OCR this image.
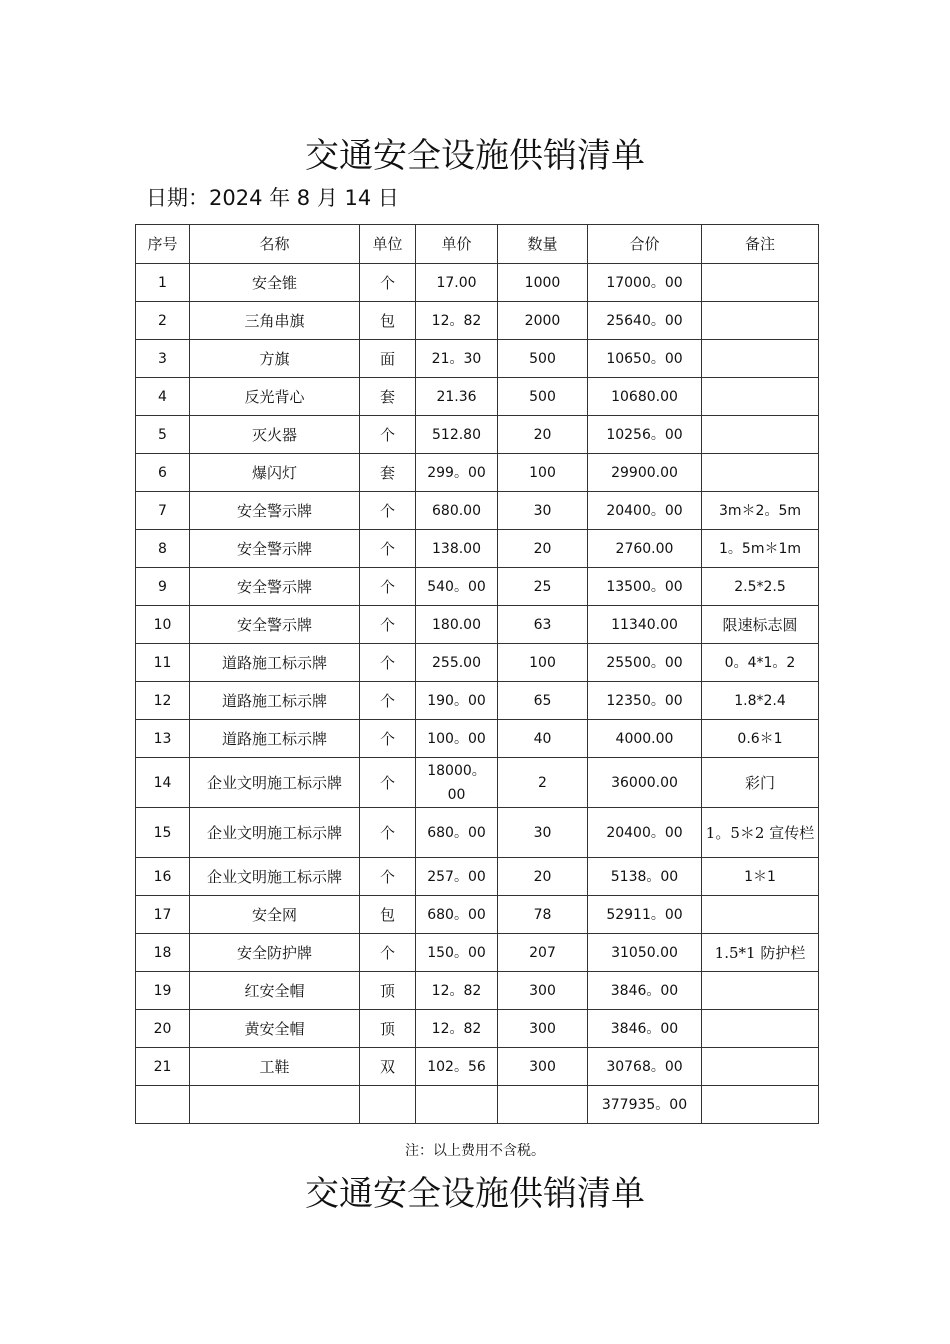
交通安全设施供销清单
日期：2024 年 8 月 14 日
序号	名称	单位	单价	数量	合价	备注
1	安全锥	个	17.00	1000	17000。00	
2	三角串旗	包	12。82	2000	25640。00	
3	方旗	面	21。30	500	10650。00	
4	反光背心	套	21.36	500	10680.00	
5	灭火器	个	512.80	20	10256。00	
6	爆闪灯	套	299。00	100	29900.00	
7	安全警示牌	个	680.00	30	20400。00	3m＊2。5m
8	安全警示牌	个	138.00	20	2760.00	1。5m＊1m
9	安全警示牌	个	540。00	25	13500。00	2.5*2.5
10	安全警示牌	个	180.00	63	11340.00	限速标志圆
11	道路施工标示牌	个	255.00	100	25500。00	0。4*1。2
12	道路施工标示牌	个	190。00	65	12350。00	1.8*2.4
13	道路施工标示牌	个	100。00	40	4000.00	0.6＊1
14	企业文明施工标示牌	个	18000。00	2	36000.00	彩门
15	企业文明施工标示牌	个	680。00	30	20400。00	1。5＊2 宣传栏
16	企业文明施工标示牌	个	257。00	20	5138。00	1＊1
17	安全网	包	680。00	78	52911。00	
18	安全防护牌	个	150。00	207	31050.00	1.5*1 防护栏
19	红安全帽	顶	12。82	300	3846。00	
20	黄安全帽	顶	12。82	300	3846。00	
21	工鞋	双	102。56	300	30768。00	
					377935。00	
注：以上费用不含税。
交通安全设施供销清单
